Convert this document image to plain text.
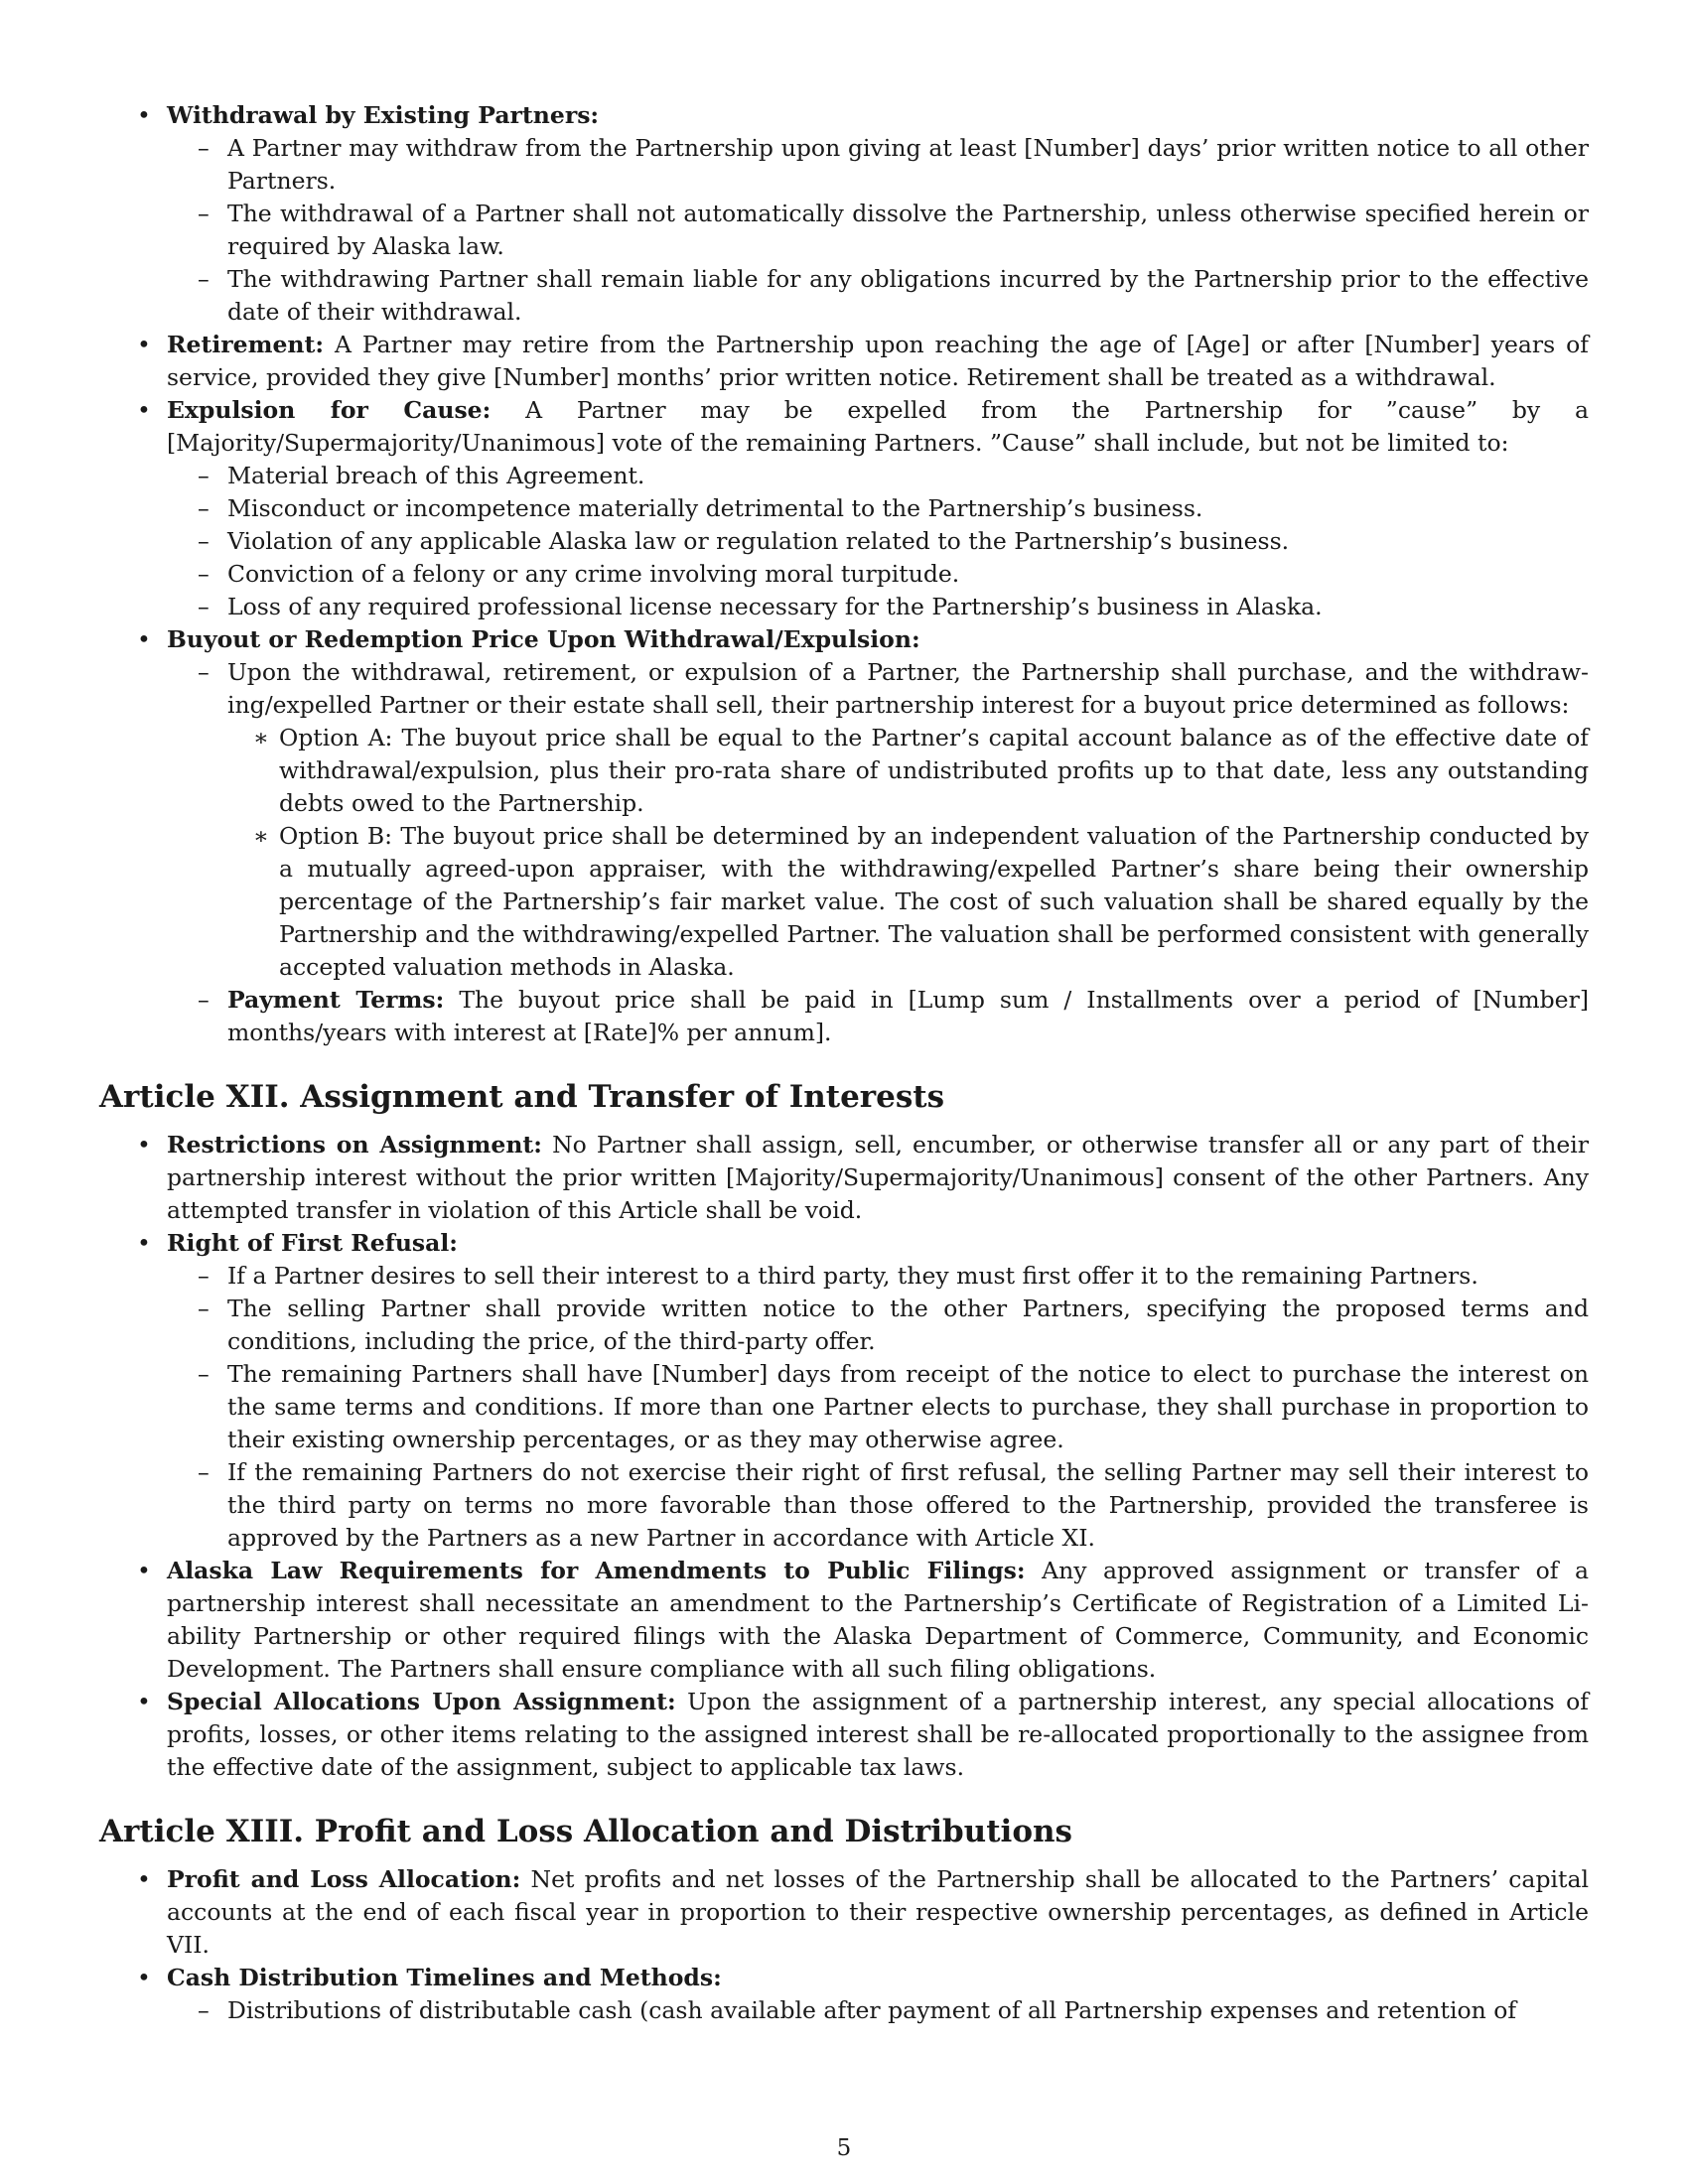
• Withdrawal by Existing Partners:
– A Partner may withdraw from the Partnership upon giving at least [Number] days’ prior written notice to all other Partners.
– The withdrawal of a Partner shall not automatically dissolve the Partnership, unless otherwise specified herein or required by Alaska law.
– The withdrawing Partner shall remain liable for any obligations incurred by the Partnership prior to the effective date of their withdrawal.
• Retirement: A Partner may retire from the Partnership upon reaching the age of [Age] or after [Number] years of service, provided they give [Number] months’ prior written notice. Retirement shall be treated as a withdrawal.
• Expulsion for Cause: A Partner may be expelled from the Partnership for ”cause” by a [Majority/Supermajority/Unanimous] vote of the remaining Partners. ”Cause” shall include, but not be limited to:
– Material breach of this Agreement.
– Misconduct or incompetence materially detrimental to the Partnership’s business.
– Violation of any applicable Alaska law or regulation related to the Partnership’s business.
– Conviction of a felony or any crime involving moral turpitude.
– Loss of any required professional license necessary for the Partnership’s business in Alaska.
• Buyout or Redemption Price Upon Withdrawal/Expulsion:
– Upon the withdrawal, retirement, or expulsion of a Partner, the Partnership shall purchase, and the withdraw-ing/expelled Partner or their estate shall sell, their partnership interest for a buyout price determined as follows:
∗ Option A: The buyout price shall be equal to the Partner’s capital account balance as of the effective date of withdrawal/expulsion, plus their pro-rata share of undistributed profits up to that date, less any outstanding debts owed to the Partnership.
∗ Option B: The buyout price shall be determined by an independent valuation of the Partnership conducted by a mutually agreed-upon appraiser, with the withdrawing/expelled Partner’s share being their ownership percentage of the Partnership’s fair market value. The cost of such valuation shall be shared equally by the Partnership and the withdrawing/expelled Partner. The valuation shall be performed consistent with generally accepted valuation methods in Alaska.
– Payment Terms: The buyout price shall be paid in [Lump sum / Installments over a period of [Number] months/years with interest at [Rate]% per annum].
Article XII. Assignment and Transfer of Interests
• Restrictions on Assignment: No Partner shall assign, sell, encumber, or otherwise transfer all or any part of their partnership interest without the prior written [Majority/Supermajority/Unanimous] consent of the other Partners. Any attempted transfer in violation of this Article shall be void.
• Right of First Refusal:
– If a Partner desires to sell their interest to a third party, they must first offer it to the remaining Partners.
– The selling Partner shall provide written notice to the other Partners, specifying the proposed terms and conditions, including the price, of the third-party offer.
– The remaining Partners shall have [Number] days from receipt of the notice to elect to purchase the interest on the same terms and conditions. If more than one Partner elects to purchase, they shall purchase in proportion to their existing ownership percentages, or as they may otherwise agree.
– If the remaining Partners do not exercise their right of first refusal, the selling Partner may sell their interest to the third party on terms no more favorable than those offered to the Partnership, provided the transferee is approved by the Partners as a new Partner in accordance with Article XI.
• Alaska Law Requirements for Amendments to Public Filings: Any approved assignment or transfer of a partnership interest shall necessitate an amendment to the Partnership’s Certificate of Registration of a Limited Li-ability Partnership or other required filings with the Alaska Department of Commerce, Community, and Economic Development. The Partners shall ensure compliance with all such filing obligations.
• Special Allocations Upon Assignment: Upon the assignment of a partnership interest, any special allocations of profits, losses, or other items relating to the assigned interest shall be re-allocated proportionally to the assignee from the effective date of the assignment, subject to applicable tax laws.
Article XIII. Profit and Loss Allocation and Distributions
• Profit and Loss Allocation: Net profits and net losses of the Partnership shall be allocated to the Partners’ capital accounts at the end of each fiscal year in proportion to their respective ownership percentages, as defined in Article VII.
• Cash Distribution Timelines and Methods:
– Distributions of distributable cash (cash available after payment of all Partnership expenses and retention of
5
